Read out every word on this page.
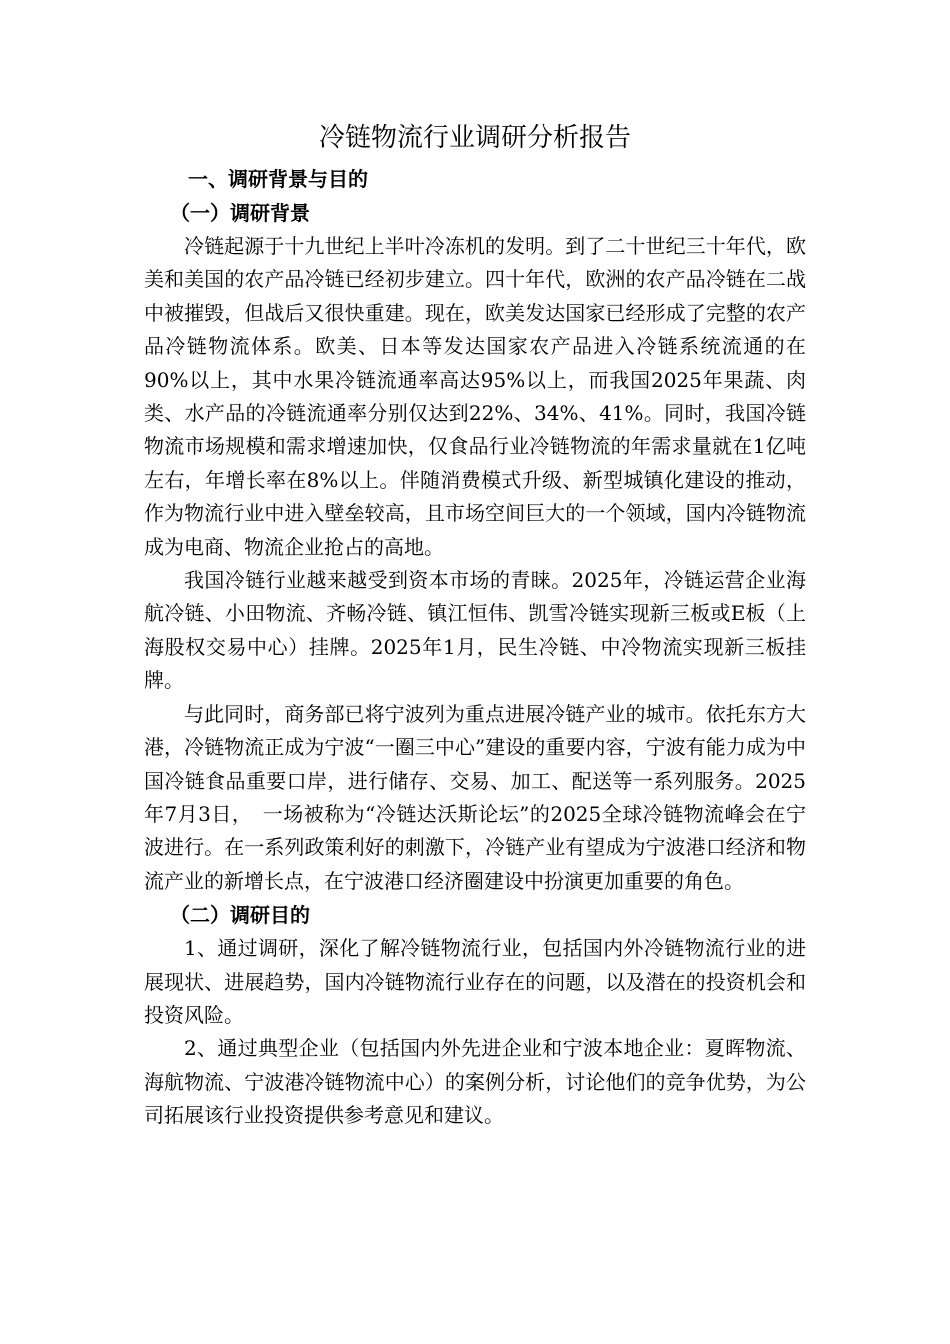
冷链物流行业调研分析报告
一、调研背景与目的
（一）调研背景

冷链起源于十九世纪上半叶冷冻机的发明。到了二十世纪三十年代，欧美和美国的农产品冷链已经初步建立。四十年代，欧洲的农产品冷链在二战中被摧毁，但战后又很快重建。现在，欧美发达国家已经形成了完整的农产品冷链物流体系。欧美、日本等发达国家农产品进入冷链系统流通的在90%以上，其中水果冷链流通率高达95%以上，而我国2025年果蔬、肉类、水产品的冷链流通率分别仅达到22%、34%、41%。同时，我国冷链物流市场规模和需求增速加快，仅食品行业冷链物流的年需求量就在1亿吨左右，年增长率在8%以上。伴随消费模式升级、新型城镇化建设的推动，作为物流行业中进入壁垒较高，且市场空间巨大的一个领域，国内冷链物流成为电商、物流企业抢占的高地。

我国冷链行业越来越受到资本市场的青睐。2025年，冷链运营企业海航冷链、小田物流、齐畅冷链、镇江恒伟、凯雪冷链实现新三板或E板（上海股权交易中心）挂牌。2025年1月，民生冷链、中冷物流实现新三板挂牌。

与此同时，商务部已将宁波列为重点进展冷链产业的城市。依托东方大港，冷链物流正成为宁波“一圈三中心”建设的重要内容，宁波有能力成为中国冷链食品重要口岸，进行储存、交易、加工、配送等一系列服务。2025年7月3日，　一场被称为“冷链达沃斯论坛”的2025全球冷链物流峰会在宁波进行。在一系列政策利好的刺激下，冷链产业有望成为宁波港口经济和物流产业的新增长点，在宁波港口经济圈建设中扮演更加重要的角色。

（二）调研目的

1、通过调研，深化了解冷链物流行业，包括国内外冷链物流行业的进展现状、进展趋势，国内冷链物流行业存在的问题，以及潜在的投资机会和投资风险。

2、通过典型企业（包括国内外先进企业和宁波本地企业：夏晖物流、海航物流、宁波港冷链物流中心）的案例分析，讨论他们的竞争优势，为公司拓展该行业投资提供参考意见和建议。
